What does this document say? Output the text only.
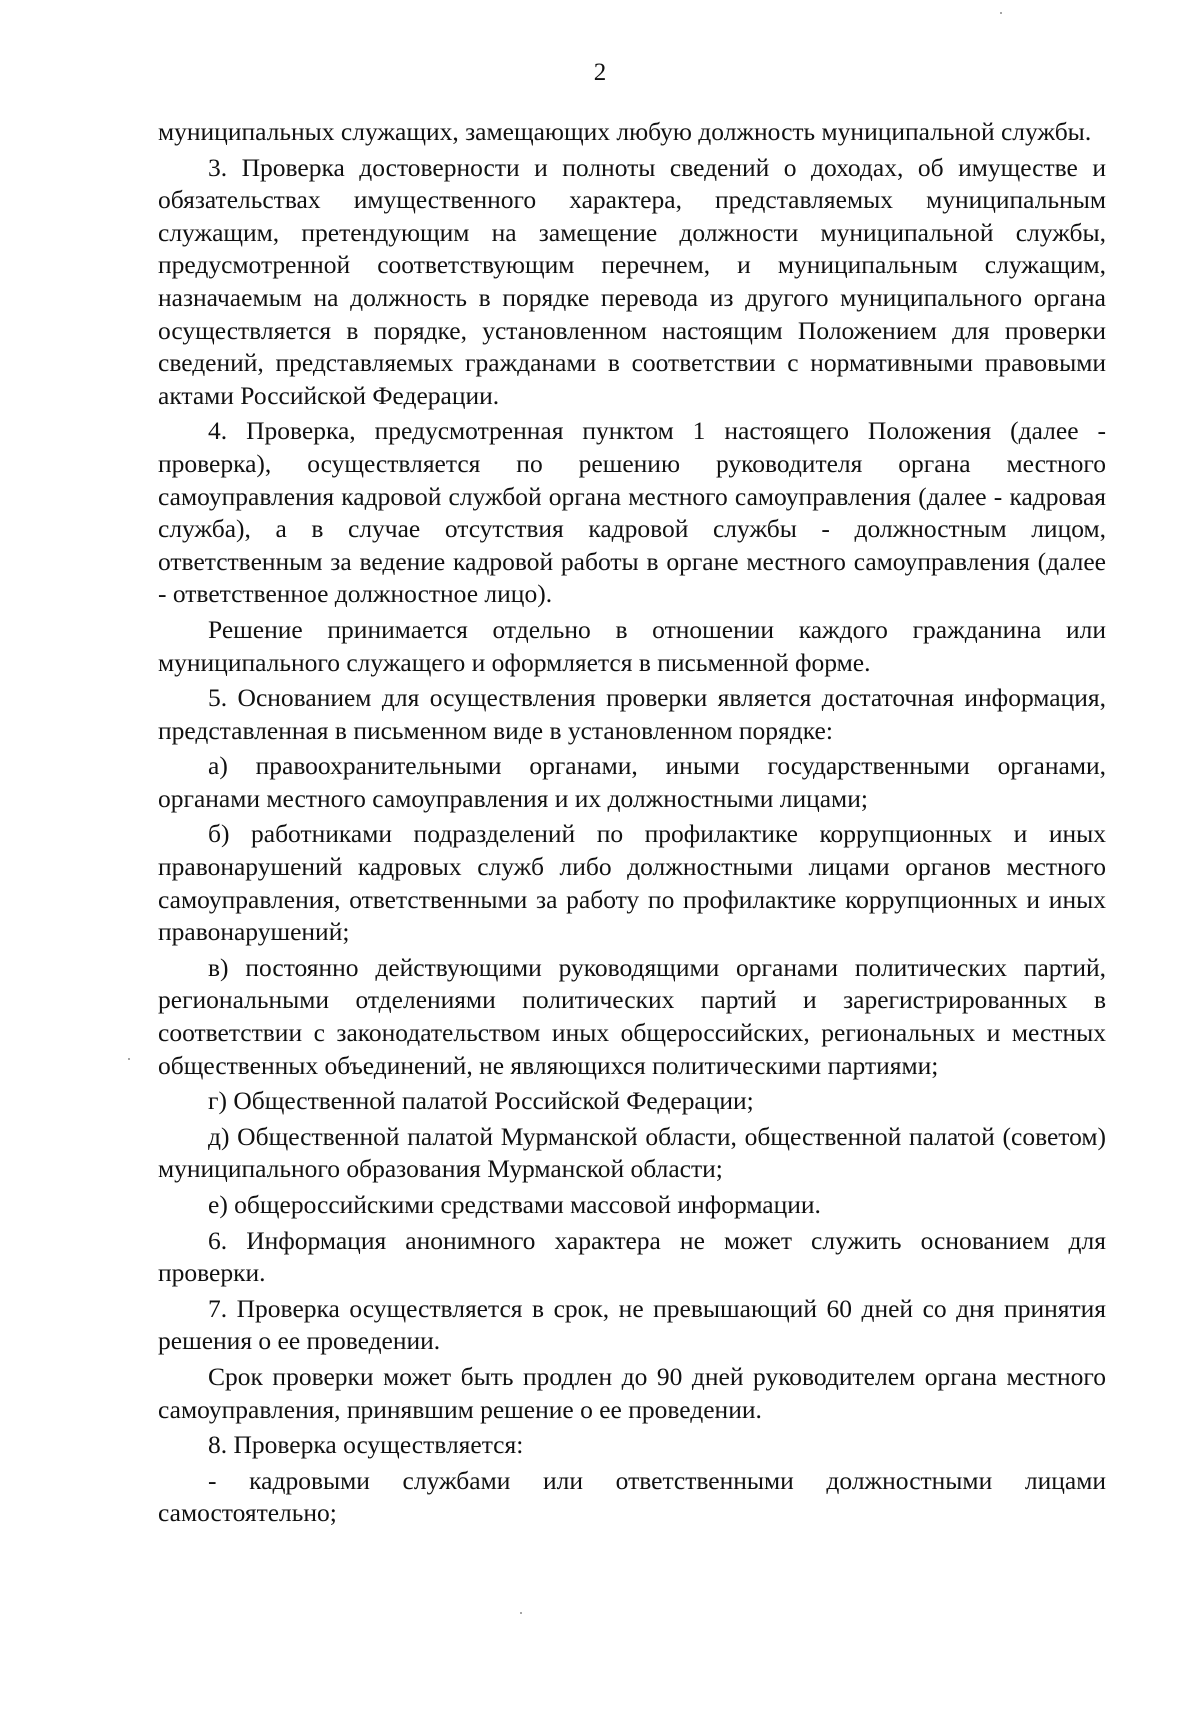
2

муниципальных служащих, замещающих любую должность муниципальной службы.

3. Проверка достоверности и полноты сведений о доходах, об имуществе и обязательствах имущественного характера, представляемых муниципальным служащим, претендующим на замещение должности муниципальной службы, предусмотренной соответствующим перечнем, и муниципальным служащим, назначаемым на должность в порядке перевода из другого муниципального органа осуществляется в порядке, установленном настоящим Положением для проверки сведений, представляемых гражданами в соответствии с нормативными правовыми актами Российской Федерации.

4. Проверка, предусмотренная пунктом 1 настоящего Положения (далее - проверка), осуществляется по решению руководителя органа местного самоуправления кадровой службой органа местного самоуправления (далее - кадровая служба), а в случае отсутствия кадровой службы - должностным лицом, ответственным за ведение кадровой работы в органе местного самоуправления (далее - ответственное должностное лицо).

Решение принимается отдельно в отношении каждого гражданина или муниципального служащего и оформляется в письменной форме.

5. Основанием для осуществления проверки является достаточная информация, представленная в письменном виде в установленном порядке:

а) правоохранительными органами, иными государственными органами, органами местного самоуправления и их должностными лицами;

б) работниками подразделений по профилактике коррупционных и иных правонарушений кадровых служб либо должностными лицами органов местного самоуправления, ответственными за работу по профилактике коррупционных и иных правонарушений;

в) постоянно действующими руководящими органами политических партий, региональными отделениями политических партий и зарегистрированных в соответствии с законодательством иных общероссийских, региональных и местных общественных объединений, не являющихся политическими партиями;

г) Общественной палатой Российской Федерации;

д) Общественной палатой Мурманской области, общественной палатой (советом) муниципального образования Мурманской области;

е) общероссийскими средствами массовой информации.

6. Информация анонимного характера не может служить основанием для проверки.

7. Проверка осуществляется в срок, не превышающий 60 дней со дня принятия решения о ее проведении.

Срок проверки может быть продлен до 90 дней руководителем органа местного самоуправления, принявшим решение о ее проведении.

8. Проверка осуществляется:

- кадровыми службами или ответственными должностными лицами самостоятельно;
